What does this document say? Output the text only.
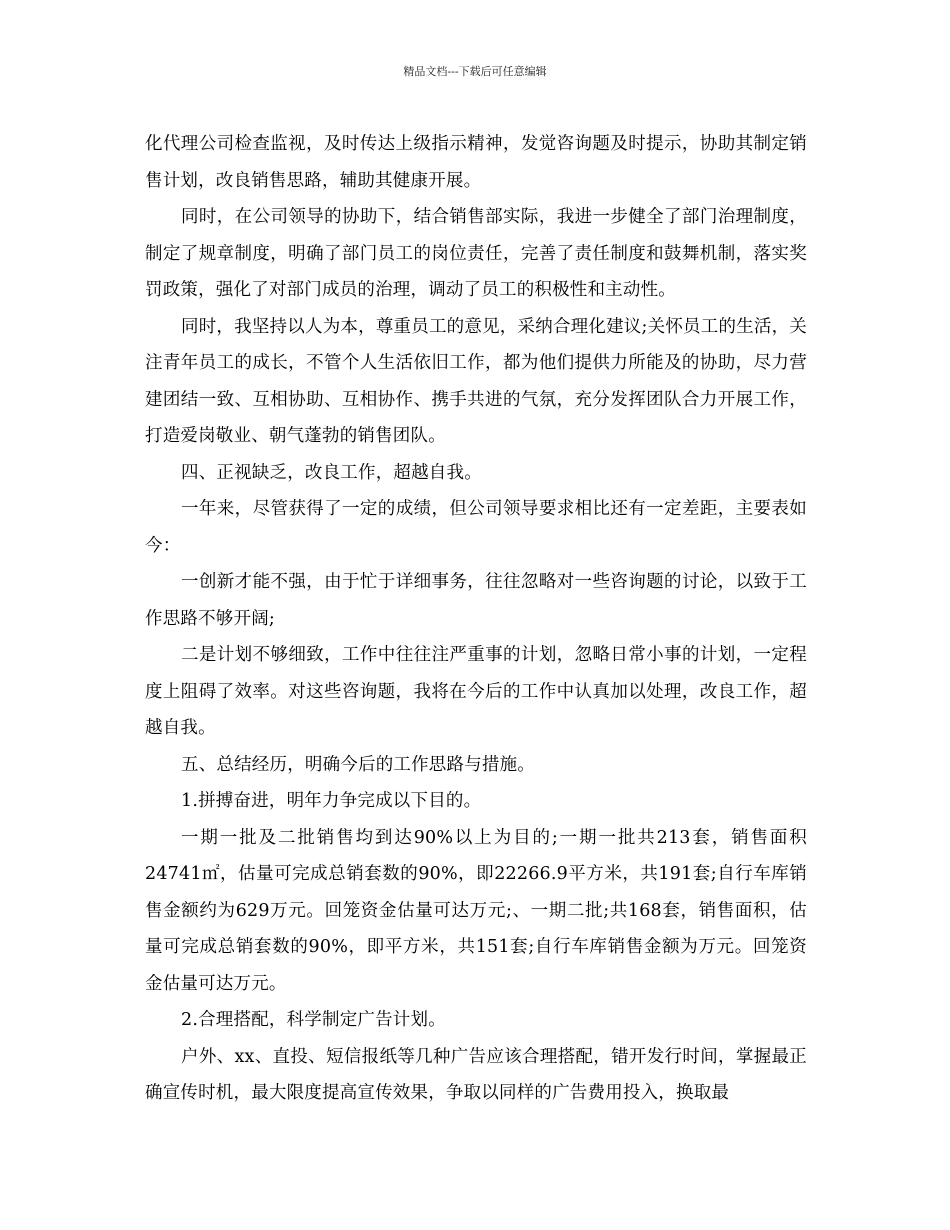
精品文档---下载后可任意编辑

化代理公司检查监视，及时传达上级指示精神，发觉咨询题及时提示，协助其制定销售计划，改良销售思路，辅助其健康开展。

同时，在公司领导的协助下，结合销售部实际，我进一步健全了部门治理制度，制定了规章制度，明确了部门员工的岗位责任，完善了责任制度和鼓舞机制，落实奖罚政策，强化了对部门成员的治理，调动了员工的积极性和主动性。

同时，我坚持以人为本，尊重员工的意见，采纳合理化建议;关怀员工的生活，关注青年员工的成长，不管个人生活依旧工作，都为他们提供力所能及的协助，尽力营建团结一致、互相协助、互相协作、携手共进的气氛，充分发挥团队合力开展工作，打造爱岗敬业、朝气蓬勃的销售团队。

四、正视缺乏，改良工作，超越自我。

一年来，尽管获得了一定的成绩，但公司领导要求相比还有一定差距，主要表如今：

一创新才能不强，由于忙于详细事务，往往忽略对一些咨询题的讨论，以致于工作思路不够开阔;

二是计划不够细致，工作中往往注严重事的计划，忽略日常小事的计划，一定程度上阻碍了效率。对这些咨询题，我将在今后的工作中认真加以处理，改良工作，超越自我。

五、总结经历，明确今后的工作思路与措施。

1.拼搏奋进，明年力争完成以下目的。

一期一批及二批销售均到达90%以上为目的;一期一批共213套，销售面积24741㎡，估量可完成总销套数的90%，即22266.9平方米，共191套;自行车库销售金额约为629万元。回笼资金估量可达万元;、一期二批;共168套，销售面积，估量可完成总销套数的90%，即平方米，共151套;自行车库销售金额为万元。回笼资金估量可达万元。

2.合理搭配，科学制定广告计划。

户外、xx、直投、短信报纸等几种广告应该合理搭配，错开发行时间，掌握最正确宣传时机，最大限度提高宣传效果，争取以同样的广告费用投入，换取最
